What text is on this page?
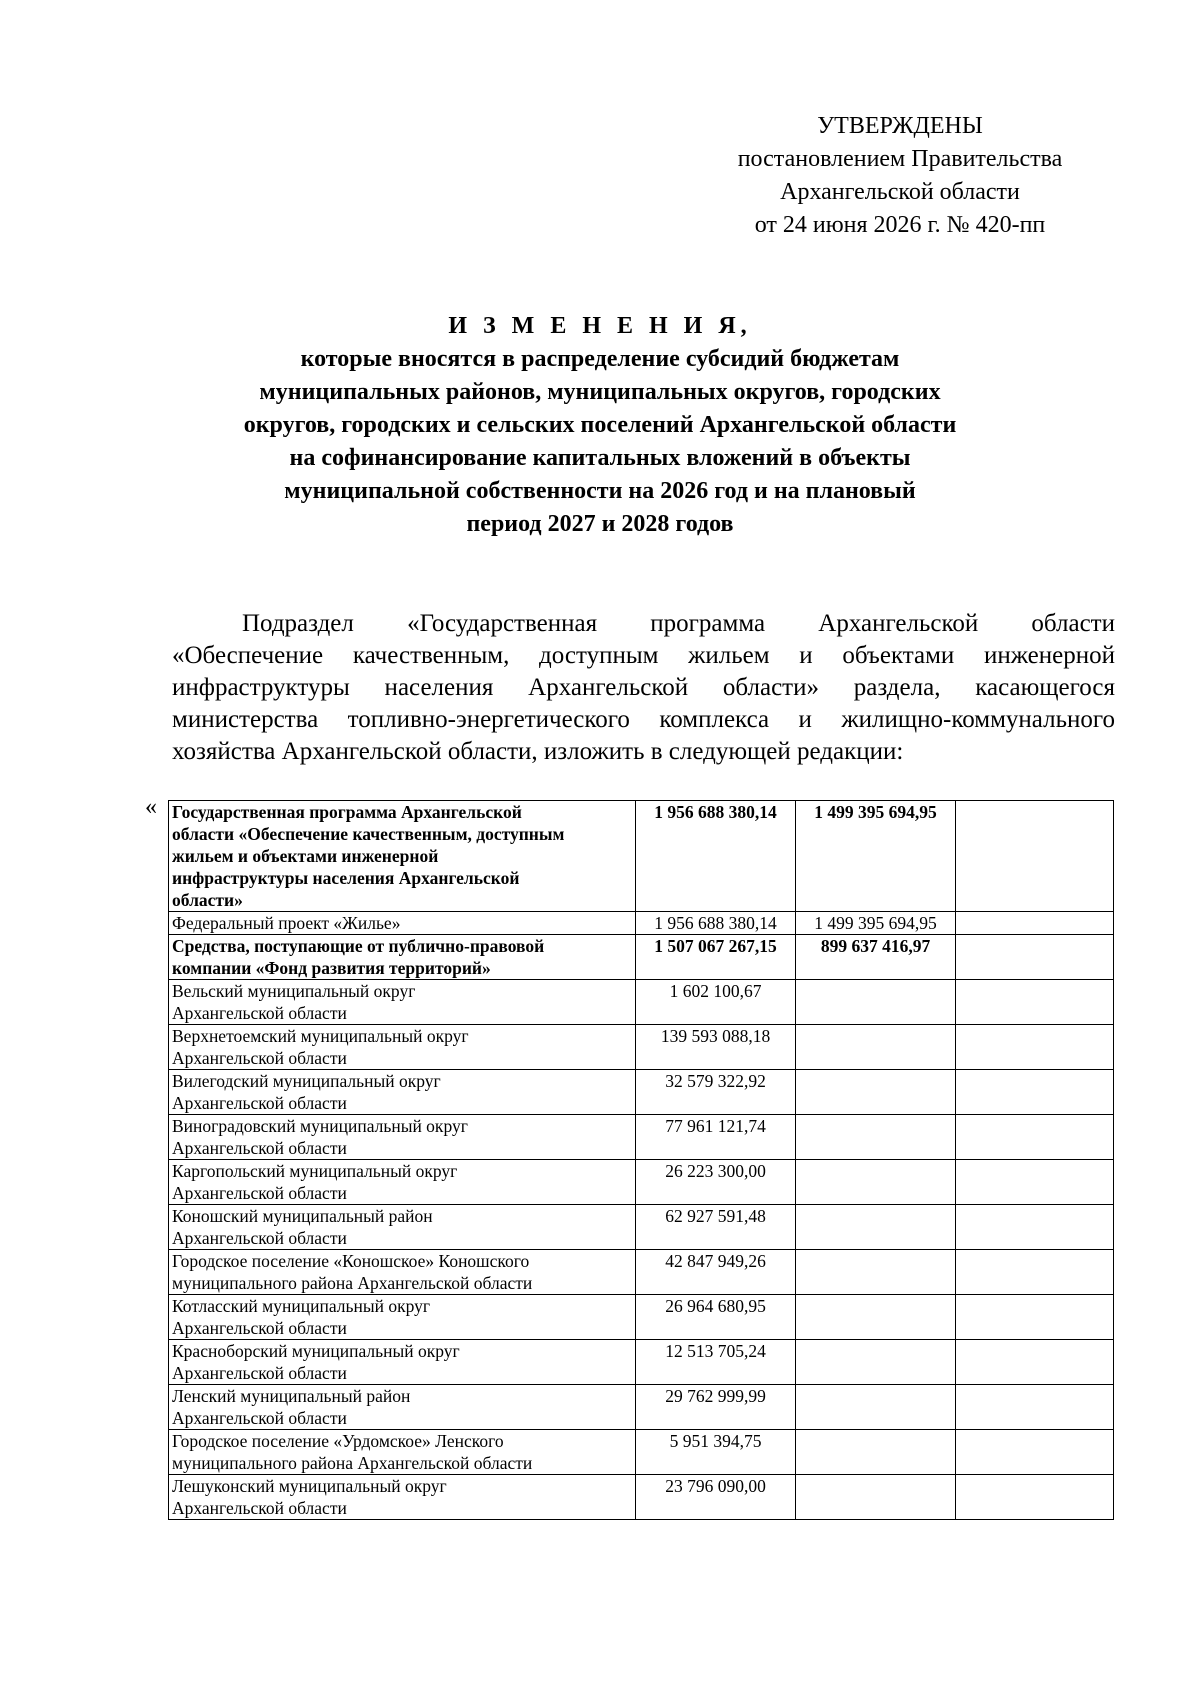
УТВЕРЖДЕНЫ
постановлением Правительства
Архангельской области
от 24 июня 2026 г. № 420-пп
И З М Е Н Е Н И Я,
которые вносятся в распределение субсидий бюджетам
муниципальных районов, муниципальных округов, городских
округов, городских и сельских поселений Архангельской области
на софинансирование капитальных вложений в объекты
муниципальной собственности на 2026 год и на плановый
период 2027 и 2028 годов
Подраздел «Государственная программа Архангельской области
«Обеспечение качественным, доступным жильем и объектами инженерной
инфраструктуры населения Архангельской области» раздела, касающегося
министерства топливно-энергетического комплекса и жилищно-коммунального
хозяйства Архангельской области, изложить в следующей редакции:
« Государственная программа Архангельской
области «Обеспечение качественным, доступным
жильем и объектами инженерной
инфраструктуры населения Архангельской
области»	1 956 688 380,14	1 499 395 694,95	

Федеральный проект «Жилье»	1 956 688 380,14	1 499 395 694,95	

Средства, поступающие от публично-правовой
компании «Фонд развития территорий»	1 507 067 267,15	899 637 416,97	

Вельский муниципальный округ
Архангельской области	1 602 100,67		

Верхнетоемский муниципальный округ
Архангельской области	139 593 088,18		

Вилегодский муниципальный округ
Архангельской области	32 579 322,92		

Виноградовский муниципальный округ
Архангельской области	77 961 121,74		

Каргопольский муниципальный округ
Архангельской области	26 223 300,00		

Коношский муниципальный район
Архангельской области	62 927 591,48		

Городское поселение «Коношское» Коношского
муниципального района Архангельской области	42 847 949,26		

Котласский муниципальный округ
Архангельской области	26 964 680,95		

Красноборский муниципальный округ
Архангельской области	12 513 705,24		

Ленский муниципальный район
Архангельской области	29 762 999,99		

Городское поселение «Урдомское» Ленского
муниципального района Архангельской области	5 951 394,75		

Лешуконский муниципальный округ
Архангельской области	23 796 090,00		
